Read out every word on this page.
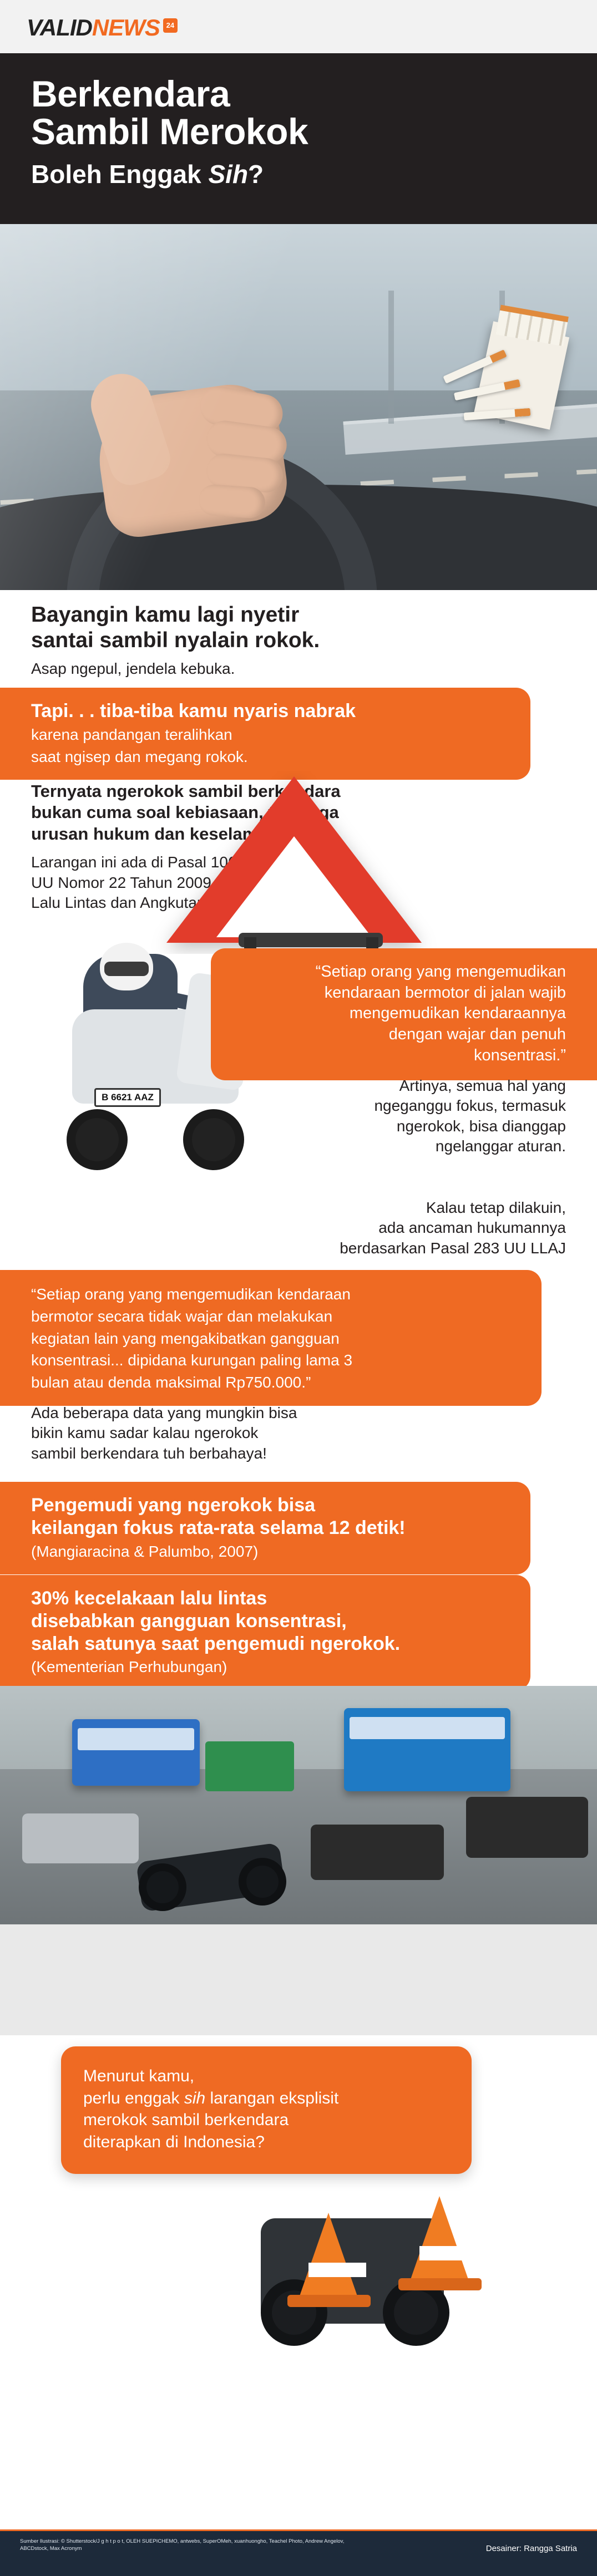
VALID NEWS 24
Berkendara
Sambil Merokok
Boleh Enggak Sih?
Bayangin kamu lagi nyetir
santai sambil nyalain rokok.
Asap ngepul, jendela kebuka.
Tapi. . . tiba-tiba kamu nyaris nabrak
karena pandangan teralihkan
saat ngisep dan megang rokok.
Ternyata ngerokok sambil berkendara
bukan cuma soal kebiasaan, tapi juga
urusan hukum dan keselamatan!
Larangan ini ada di Pasal 106 ayat (1)
UU Nomor 22 Tahun 2009 tentang
Lalu Lintas dan Angkutan Jalan (LLAJ)!
B 6621 AAZ
“Setiap orang yang mengemudikan
kendaraan bermotor di jalan wajib
mengemudikan kendaraannya
dengan wajar dan penuh
konsentrasi.”
Artinya, semua hal yang
ngeganggu fokus, termasuk
ngerokok, bisa dianggap
ngelanggar aturan.
Kalau tetap dilakuin,
ada ancaman hukumannya
berdasarkan Pasal 283 UU LLAJ
“Setiap orang yang mengemudikan kendaraan
bermotor secara tidak wajar dan melakukan
kegiatan lain yang mengakibatkan gangguan
konsentrasi... dipidana kurungan paling lama 3
bulan atau denda maksimal Rp750.000.”
Ada beberapa data yang mungkin bisa
bikin kamu sadar kalau ngerokok
sambil berkendara tuh berbahaya!
Pengemudi yang ngerokok bisa
keilangan fokus rata-rata selama 12 detik!
(Mangiaracina & Palumbo, 2007)
30% kecelakaan lalu lintas
disebabkan gangguan konsentrasi,
salah satunya saat pengemudi ngerokok.
(Kementerian Perhubungan)
Menurut kamu,
perlu enggak sih larangan eksplisit
merokok sambil berkendara
diterapkan di Indonesia?
Sumber Ilustrasi: © Shutterstock/J g h t p o t, OLEH SUEPICHEMO, antwebs, SuperOMeh, xuanhuongho, Teachel Photo, Andrew Angelov, ABCDstock, Max Acronym	Desainer: Rangga Satria
